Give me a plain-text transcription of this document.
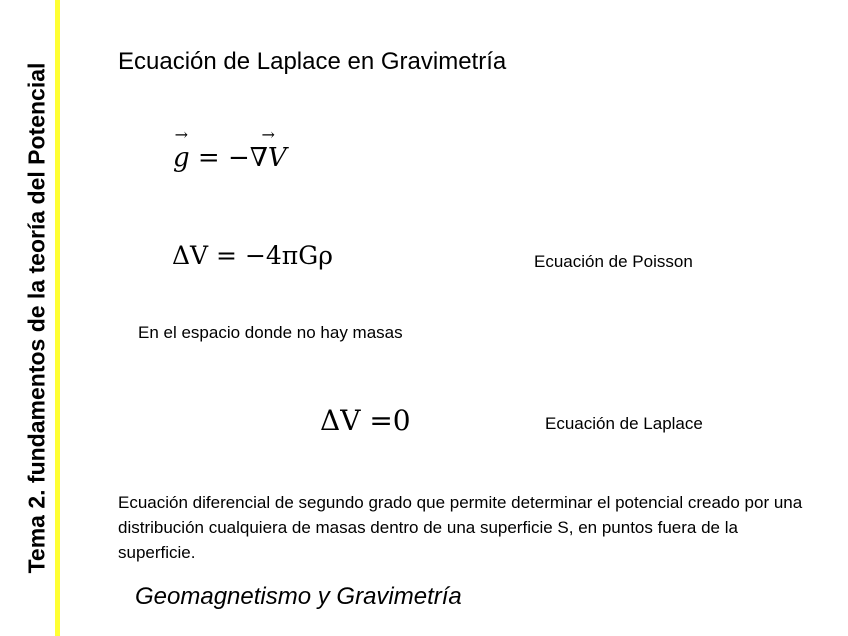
Tema 2. fundamentos de la teoría del Potencial
Ecuación de Laplace en Gravimetría
→
g = −
→
∇V
ΔV = −4πGρ	Ecuación de Poisson
En el espacio donde no hay masas
ΔV =0	Ecuación de Laplace
Ecuación diferencial de segundo grado que permite determinar el potencial creado por una distribución cualquiera de masas dentro de una superficie S, en puntos fuera de la superficie.
Geomagnetismo y Gravimetría
